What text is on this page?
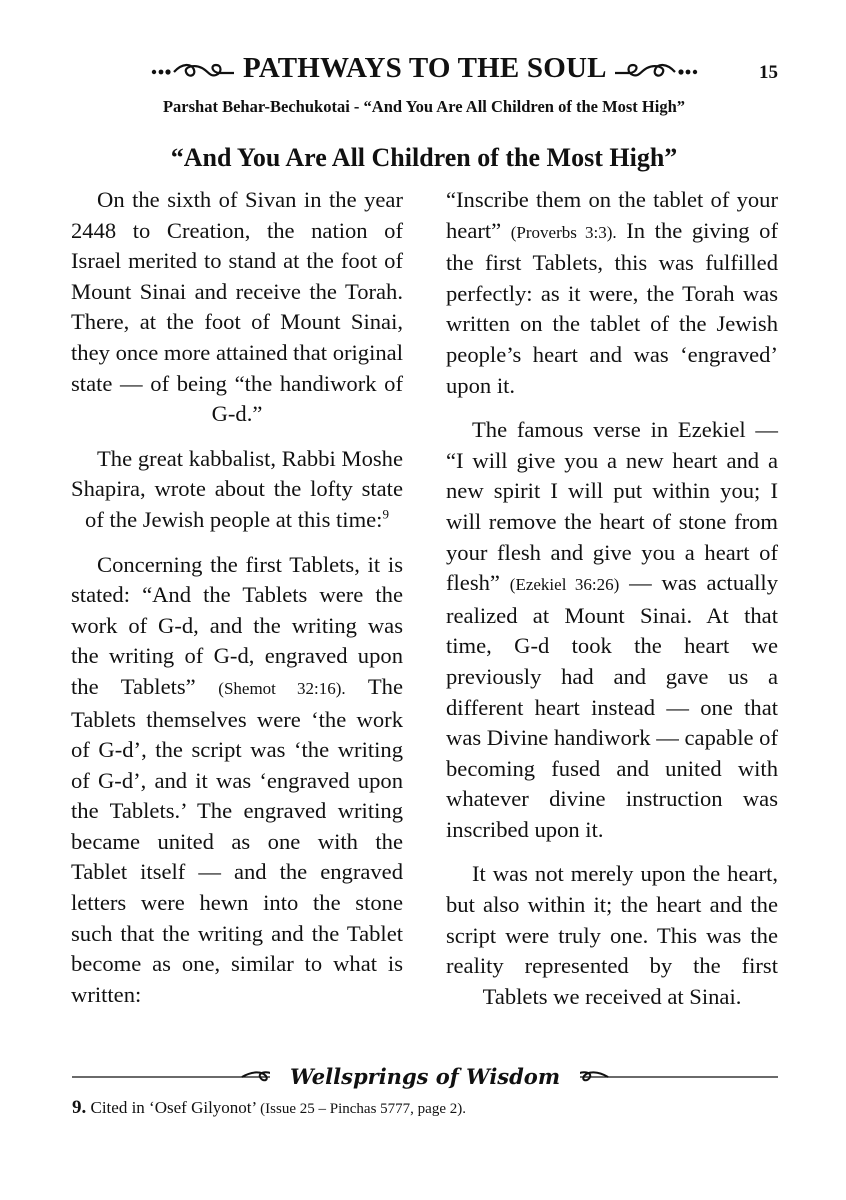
PATHWAYS TO THE SOUL	15
Parshat Behar-Bechukotai - “And You Are All Children of the Most High”
“And You Are All Children of the Most High”

On the sixth of Sivan in the year 2448 to Creation, the nation of Israel merited to stand at the foot of Mount Sinai and receive the Torah. There, at the foot of Mount Sinai, they once more attained that original state — of being “the handiwork of G-d.”

The great kabbalist, Rabbi Moshe Shapira, wrote about the lofty state of the Jewish people at this time:$^9$

Concerning the first Tablets, it is stated: “And the Tablets were the work of G-d, and the writing was the writing of G-d, engraved upon the Tablets” (Shemot 32:16). The Tablets themselves were ‘the work of G-d’, the script was ‘the writing of G-d’, and it was ‘engraved upon the Tablets.’ The engraved writing became united as one with the Tablet itself — and the engraved letters were hewn into the stone such that the writing and the Tablet become as one, similar to what is written:

“Inscribe them on the tablet of your heart” (Proverbs 3:3). In the giving of the first Tablets, this was fulfilled perfectly: as it were, the Torah was written on the tablet of the Jewish people’s heart and was ‘engraved’ upon it.

The famous verse in Ezekiel — “I will give you a new heart and a new spirit I will put within you; I will remove the heart of stone from your flesh and give you a heart of flesh” (Ezekiel 36:26) — was actually realized at Mount Sinai. At that time, G-d took the heart we previously had and gave us a different heart instead — one that was Divine handiwork — capable of becoming fused and united with whatever divine instruction was inscribed upon it.

It was not merely upon the heart, but also within it; the heart and the script were truly one. This was the reality represented by the first Tablets we received at Sinai.

Wellsprings of Wisdom
9. Cited in ‘Osef Gilyonot’ (Issue 25 – Pinchas 5777, page 2).
